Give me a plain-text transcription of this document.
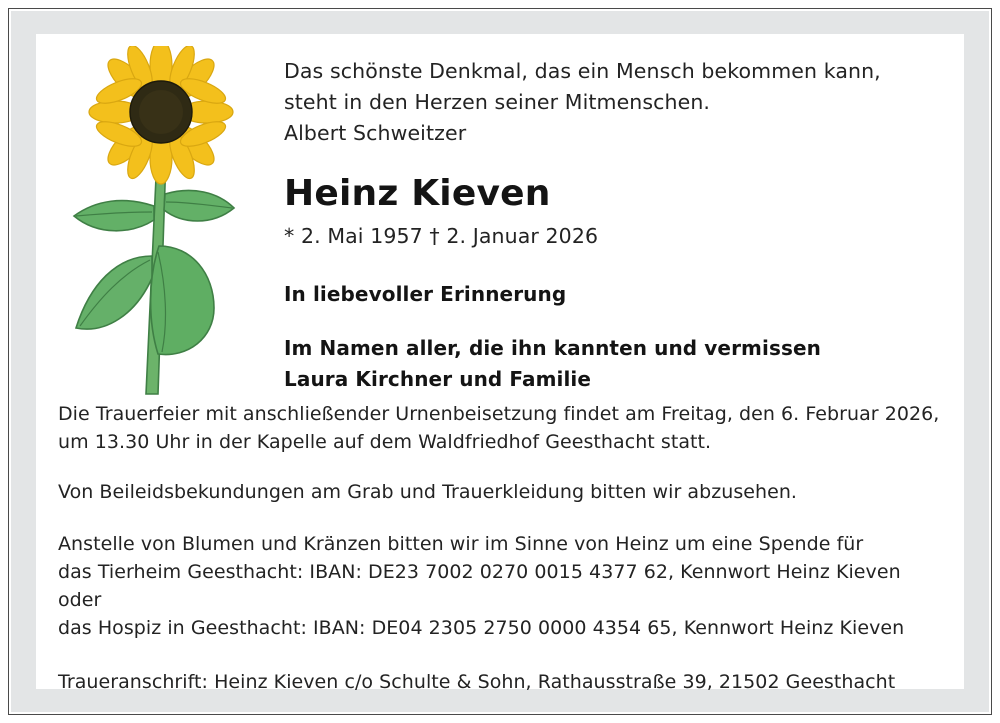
Das schönste Denkmal, das ein Mensch bekommen kann,
steht in den Herzen seiner Mitmenschen.
Albert Schweitzer
Heinz Kieven
* 2. Mai 1957 † 2. Januar 2026
In liebevoller Erinnerung
Im Namen aller, die ihn kannten und vermissen
Laura Kirchner und Familie
Die Trauerfeier mit anschließender Urnenbeisetzung findet am Freitag, den 6. Februar 2026,
um 13.30 Uhr in der Kapelle auf dem Waldfriedhof Geesthacht statt.
Von Beileidsbekundungen am Grab und Trauerkleidung bitten wir abzusehen.
Anstelle von Blumen und Kränzen bitten wir im Sinne von Heinz um eine Spende für
das Tierheim Geesthacht: IBAN: DE23 7002 0270 0015 4377 62, Kennwort Heinz Kieven oder
das Hospiz in Geesthacht: IBAN: DE04 2305 2750 0000 4354 65, Kennwort Heinz Kieven
Traueranschrift: Heinz Kieven c/o Schulte & Sohn, Rathausstraße 39, 21502 Geesthacht
